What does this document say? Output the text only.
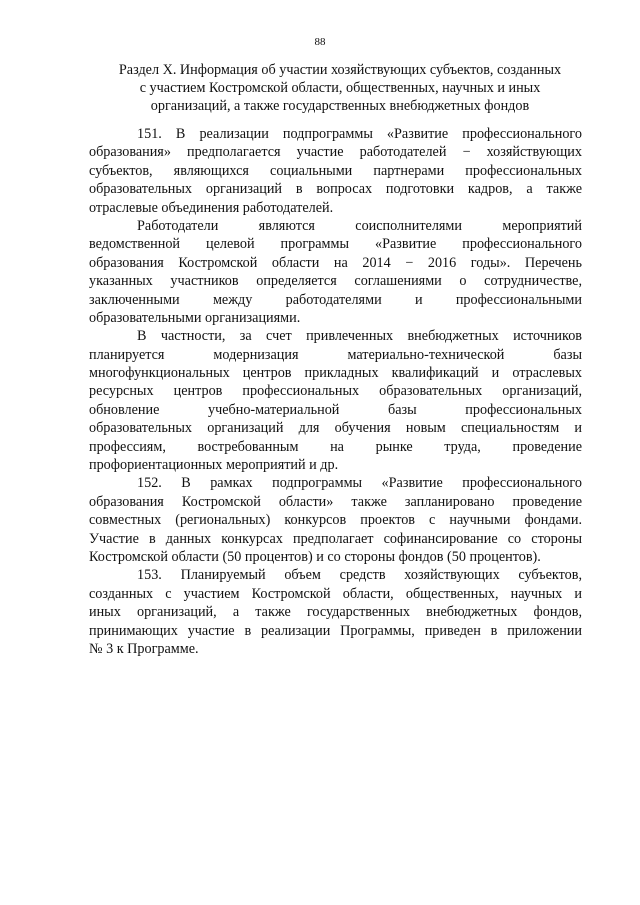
88
Раздел X. Информация об участии хозяйствующих субъектов, созданных
с участием Костромской области, общественных, научных и иных
организаций, а также государственных внебюджетных фондов
151. В реализации подпрограммы «Развитие профессионального
образования» предполагается участие работодателей − хозяйствующих
субъектов, являющихся социальными партнерами профессиональных
образовательных организаций в вопросах подготовки кадров, а также
отраслевые объединения работодателей.
Работодатели являются соисполнителями мероприятий
ведомственной целевой программы «Развитие профессионального
образования Костромской области на 2014 − 2016 годы». Перечень
указанных участников определяется соглашениями о сотрудничестве,
заключенными между работодателями и профессиональными
образовательными организациями.
В частности, за счет привлеченных внебюджетных источников
планируется модернизация материально-технической базы
многофункциональных центров прикладных квалификаций и отраслевых
ресурсных центров профессиональных образовательных организаций,
обновление учебно-материальной базы профессиональных
образовательных организаций для обучения новым специальностям и
профессиям, востребованным на рынке труда, проведение
профориентационных мероприятий и др.
152. В рамках подпрограммы «Развитие профессионального
образования Костромской области» также запланировано проведение
совместных (региональных) конкурсов проектов с научными фондами.
Участие в данных конкурсах предполагает софинансирование со стороны
Костромской области (50 процентов) и со стороны фондов (50 процентов).
153. Планируемый объем средств хозяйствующих субъектов,
созданных с участием Костромской области, общественных, научных и
иных организаций, а также государственных внебюджетных фондов,
принимающих участие в реализации Программы, приведен в приложении
№ 3 к Программе.
